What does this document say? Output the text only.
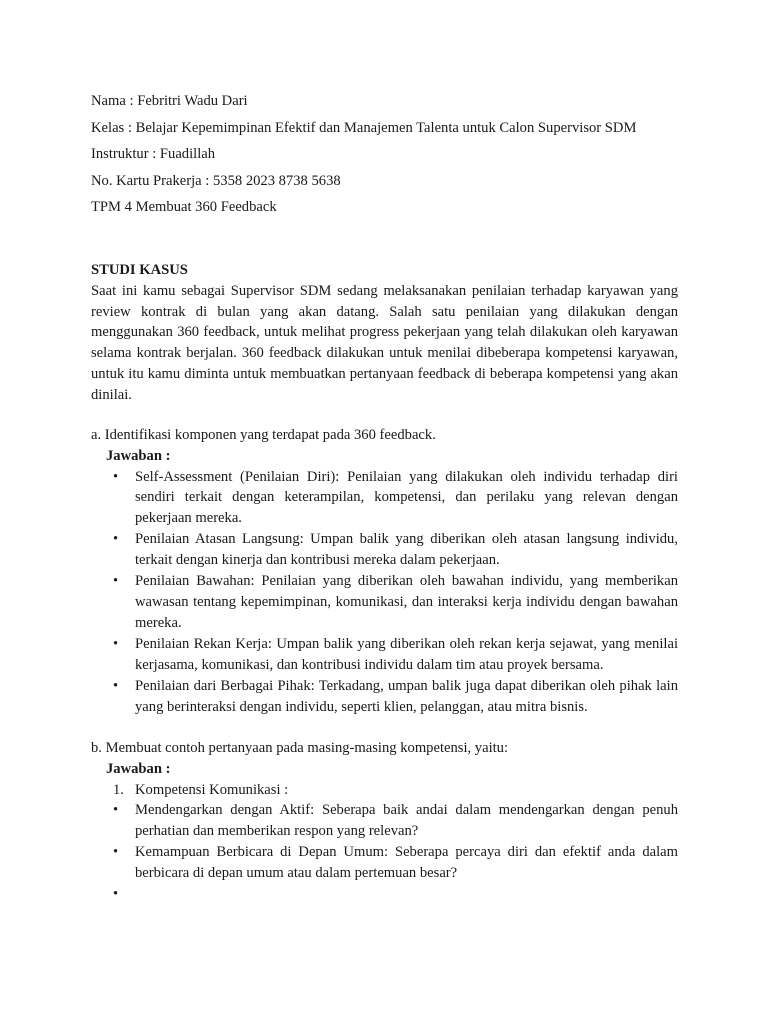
Nama : Febritri Wadu Dari

Kelas : Belajar Kepemimpinan Efektif dan Manajemen Talenta untuk Calon Supervisor SDM

Instruktur : Fuadillah

No. Kartu Prakerja : 5358 2023 8738 5638

TPM 4 Membuat 360 Feedback

STUDI KASUS

Saat ini kamu sebagai Supervisor SDM sedang melaksanakan penilaian terhadap karyawan yang review kontrak di bulan yang akan datang. Salah satu penilaian yang dilakukan dengan menggunakan 360 feedback, untuk melihat progress pekerjaan yang telah dilakukan oleh karyawan selama kontrak berjalan. 360 feedback dilakukan untuk menilai dibeberapa kompetensi karyawan, untuk itu kamu diminta untuk membuatkan pertanyaan feedback di beberapa kompetensi yang akan dinilai.

a. Identifikasi komponen yang terdapat pada 360 feedback.

Jawaban :

• Self-Assessment (Penilaian Diri): Penilaian yang dilakukan oleh individu terhadap diri sendiri terkait dengan keterampilan, kompetensi, dan perilaku yang relevan dengan pekerjaan mereka.
• Penilaian Atasan Langsung: Umpan balik yang diberikan oleh atasan langsung individu, terkait dengan kinerja dan kontribusi mereka dalam pekerjaan.
• Penilaian Bawahan: Penilaian yang diberikan oleh bawahan individu, yang memberikan wawasan tentang kepemimpinan, komunikasi, dan interaksi kerja individu dengan bawahan mereka.
• Penilaian Rekan Kerja: Umpan balik yang diberikan oleh rekan kerja sejawat, yang menilai kerjasama, komunikasi, dan kontribusi individu dalam tim atau proyek bersama.
• Penilaian dari Berbagai Pihak: Terkadang, umpan balik juga dapat diberikan oleh pihak lain yang berinteraksi dengan individu, seperti klien, pelanggan, atau mitra bisnis.

b. Membuat contoh pertanyaan pada masing-masing kompetensi, yaitu:

Jawaban :

1. Kompetensi Komunikasi :
• Mendengarkan dengan Aktif: Seberapa baik andai dalam mendengarkan dengan penuh perhatian dan memberikan respon yang relevan?
• Kemampuan Berbicara di Depan Umum: Seberapa percaya diri dan efektif anda dalam berbicara di depan umum atau dalam pertemuan besar?
•
